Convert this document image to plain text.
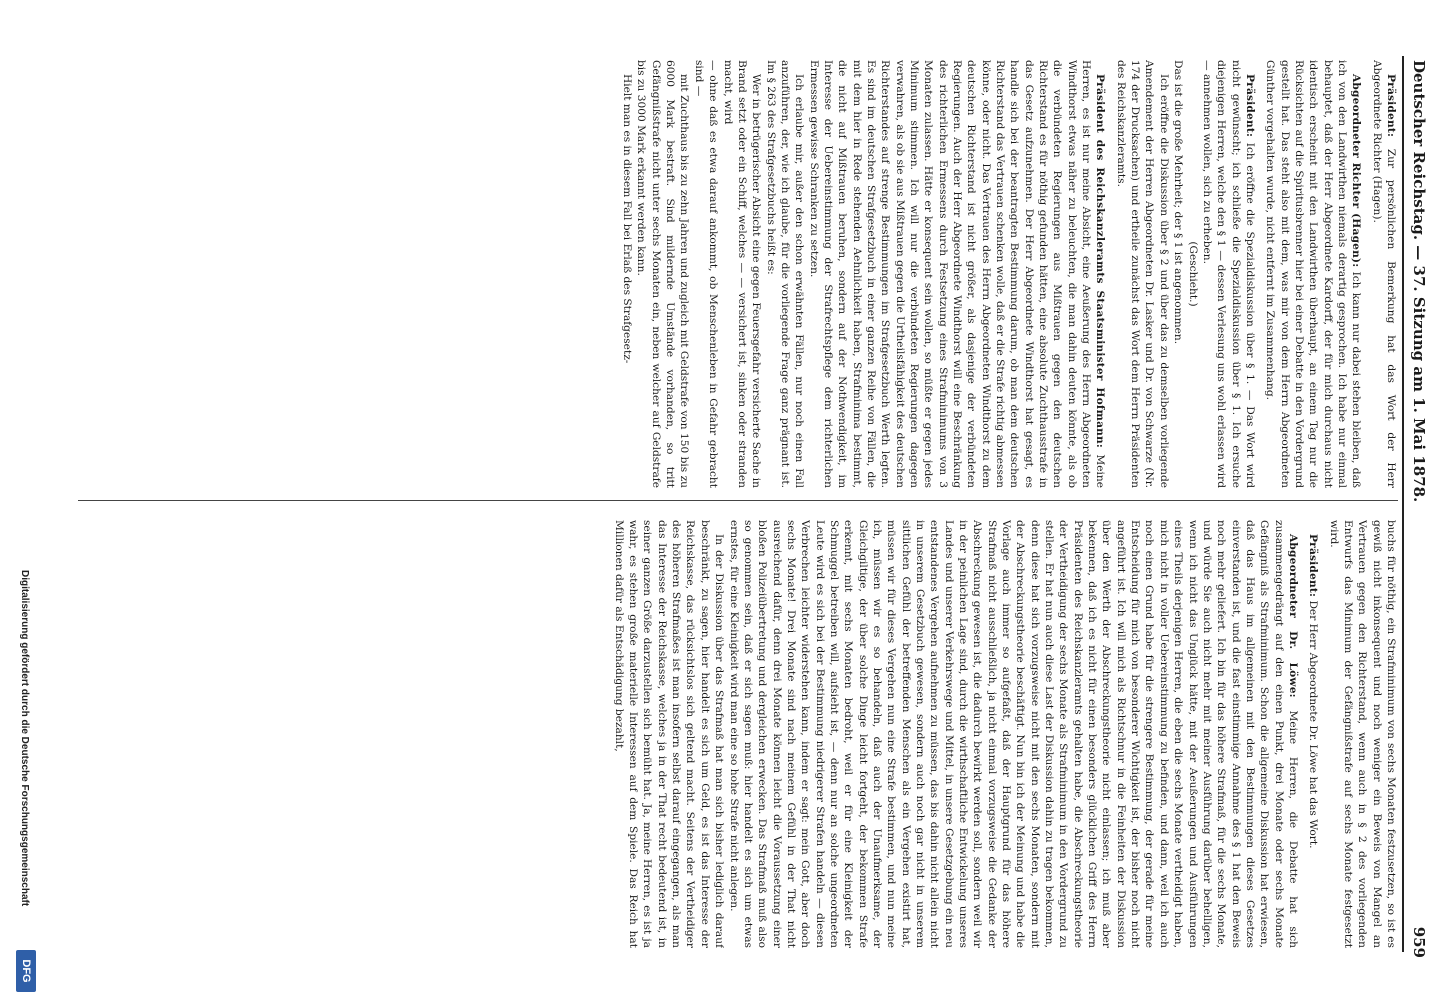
Deutscher Reichstag. — 37. Sitzung am 1. Mai 1878.
959

Präsident: Zur persönlichen Bemerkung hat das Wort der Herr Abgeordnete Richter (Hagen).

Abgeordneter Richter (Hagen): Ich kann nur dabei stehen bleiben, daß ich von den Landwirthen niemals derartig gesprochen. Ich habe nur einmal behauptet, daß der Herr Abgeordnete Kardorff, der für mich durchaus nicht identisch erscheint mit den Landwirthen überhaupt, an einem Tag nur die Rücksichten auf die Spiritusbrenner hier bei einer Debatte in den Vordergrund gestellt hat. Das steht also mit dem, was mir von dem Herrn Abgeordneten Günther vorgehalten wurde, nicht entfernt im Zusammenhang.

Präsident: Ich eröffne die Spezialdiskussion über § 1. — Das Wort wird nicht gewünscht; ich schließe die Spezialdiskussion über § 1. Ich ersuche diejenigen Herren, welche den § 1 — dessen Verlesung uns wohl erlassen wird — annehmen wollen, sich zu erheben.

(Geschieht.)

Das ist die große Mehrheit; der § 1 ist angenommen.

Ich eröffne die Diskussion über § 2 und über das zu demselben vorliegende Amendement der Herren Abgeordneten Dr. Lasker und Dr. von Schwarze (Nr. 174 der Drucksachen) und ertheile zunächst das Wort dem Herrn Präsidenten des Reichskanzleramts.

Präsident des Reichskanzleramts Staatsminister Hofmann: Meine Herren, es ist nur meine Absicht, eine Aeußerung des Herrn Abgeordneten Windthorst etwas näher zu beleuchten, die man dahin deuten könnte, als ob die verbündeten Regierungen aus Mißtrauen gegen den deutschen Richterstand es für nöthig gefunden hätten, eine absolute Zuchthausstrafe in das Gesetz aufzunehmen. Der Herr Abgeordnete Windthorst hat gesagt, es handle sich bei der beantragten Bestimmung darum, ob man dem deutschen Richterstand das Vertrauen schenken wolle, daß er die Strafe richtig abmessen könne, oder nicht. Das Vertrauen des Herrn Abgeordneten Windthorst zu dem deutschen Richterstand ist nicht größer, als dasjenige der verbündeten Regierungen. Auch der Herr Abgeordnete Windthorst will eine Beschränkung des richterlichen Ermessens durch Festsetzung eines Strafminimums von 3 Monaten zulassen. Hätte er konsequent sein wollen, so müßte er gegen jedes Minimum stimmen. Ich will nur die verbündeten Regierungen dagegen verwahren, als ob sie aus Mißtrauen gegen die Urtheilsfähigkeit des deutschen Richterstandes auf strenge Bestimmungen im Strafgesetzbuch Werth legten. Es sind im deutschen Strafgesetzbuch in einer ganzen Reihe von Fällen, die mit dem hier in Rede stehenden Aehnlichkeit haben, Strafminima bestimmt, die nicht auf Mißtrauen beruhen, sondern auf der Nothwendigkeit, im Interesse der Uebereinstimmung der Strafrechtspflege dem richterlichen Ermessen gewisse Schranken zu setzen.

Ich erlaube mir, außer den schon erwähnten Fällen, nur noch einen Fall anzuführen, der, wie ich glaube, für die vorliegende Frage ganz prägnant ist. Im § 263 des Strafgesetzbuchs heißt es:

Wer in betrügerischer Absicht eine gegen Feuersgefahr versicherte Sache in Brand setzt oder ein Schiff, welches — — versichert ist, sinken oder stranden macht, wird

— ohne daß es etwa darauf ankommt, ob Menschenleben in Gefahr gebracht sind —

mit Zuchthaus bis zu zehn Jahren und zugleich mit Geldstrafe von 150 bis zu 6000 Mark bestraft. Sind mildernde Umstände vorhanden, so tritt Gefängnißstrafe nicht unter sechs Monaten ein, neben welcher auf Geldstrafe bis zu 3000 Mark erkannt werden kann.

Hielt man es in diesem Fall bei Erlaß des Strafgesetz-

buchs für nöthig, ein Strafminimum von sechs Monaten festzusetzen, so ist es gewiß nicht inkonsequent und noch weniger ein Beweis von Mangel an Vertrauen gegen den Richterstand, wenn auch in § 2 des vorliegenden Entwurfs das Minimum der Gefängnißstrafe auf sechs Monate festgesetzt wird.

Präsident: Der Herr Abgeordnete Dr. Löwe hat das Wort.

Abgeordneter Dr. Löwe: Meine Herren, die Debatte hat sich zusammengedrängt auf den einen Punkt, drei Monate oder sechs Monate Gefängniß als Strafminimum. Schon die allgemeine Diskussion hat erwiesen, daß das Haus im allgemeinen mit den Bestimmungen dieses Gesetzes einverstanden ist, und die fast einstimmige Annahme des § 1 hat den Beweis noch mehr geliefert. Ich bin für das höhere Strafmaß, für die sechs Monate, und würde Sie auch nicht mehr mit meiner Ausführung darüber behelligen, wenn ich nicht das Unglück hätte, mit der Aeußerungen und Ausführungen eines Theils derjenigen Herren, die eben die sechs Monate vertheidigt haben, mich nicht in voller Uebereinstimmung zu befinden, und dann, weil ich auch noch einen Grund habe für die strengere Bestimmung, der gerade für meine Entscheidung für mich von besonderer Wichtigkeit ist, der bisher noch nicht angeführt ist. Ich will mich als Richtschnur in die Feinheiten der Diskussion über den Werth der Abschreckungstheorie nicht einlassen; ich muß aber bekennen, daß ich es nicht für einen besonders glücklichen Griff des Herrn Präsidenten des Reichskanzleramts gehalten habe, die Abschreckungstheorie der Vertheidigung der sechs Monate als Strafminimum in den Vordergrund zu stellen. Er hat nun auch diese Last der Diskussion dahin zu tragen bekommen, denn diese hat sich vorzugsweise nicht mit den sechs Monaten, sondern mit der Abschreckungstheorie beschäftigt. Nun bin ich der Meinung und habe die Vorlage auch immer so aufgefaßt, daß der Hauptgrund für das höhere Strafmaß nicht ausschließlich, ja nicht einmal vorzugsweise die Gedanke der Abschreckung gewesen ist, die dadurch bewirkt werden soll, sondern weil wir in der peinlichen Lage sind, durch die wirthschaftliche Entwickelung unseres Landes und unserer Verkehrswege und Mittel, in unsere Gesetzgebung ein neu entstandenes Vergehen aufnehmen zu müssen, das bis dahin nicht allein nicht in unserem Gesetzbuch gewesen, sondern auch noch gar nicht in unserem sittlichen Gefühl der betreffenden Menschen als ein Vergehen existirt hat, müssen wir für dieses Vergehen nun eine Strafe bestimmen, und nun meine ich, müssen wir es so behandeln, daß auch der Unaufmerksame, der Gleichgiltige, der über solche Dinge leicht fortgeht, der bekommen Strafe erkennt, mit sechs Monaten bedroht, weil er für eine Kleinigkeit der Schmuggel betreiben will, aufsieht ist, — denn nur an solche ungeordneten Leute wird es sich bei der Bestimmung niedrigerer Strafen handeln — diesen Verbrechen leichter widerstehen kann, indem er sagt: mein Gott, aber doch sechs Monate! Drei Monate sind nach meinem Gefühl in der That nicht ausreichend dafür, denn drei Monate können leicht die Voraussetzung einer bloßen Polizeiübertretung und dergleichen erwecken. Das Strafmaß muß also so genommen sein, daß er sich sagen muß: hier handelt es sich um etwas ernstes, für eine Kleinigkeit wird man eine so hohe Strafe nicht anlegen.

In der Diskussion über das Strafmaß hat man sich bisher lediglich darauf beschränkt, zu sagen, hier handelt es sich um Geld, es ist das Interesse der Reichskasse, das rücksichtslos sich geltend macht. Seitens der Vertheidiger des höheren Strafmaßes ist man insofern selbst darauf eingegangen, als man das Interesse der Reichskasse, welches ja in der That recht bedeutend ist, in seiner ganzen Größe darzustellen sich bemüht hat. Ja, meine Herren, es ist ja wahr, es stehen große materielle Interessen auf dem Spiele. Das Reich hat Millionen dafür als Entschädigung bezahlt,

Digitalisierung gefördert durch die Deutsche Forschungsgemeinschaft
DFG
